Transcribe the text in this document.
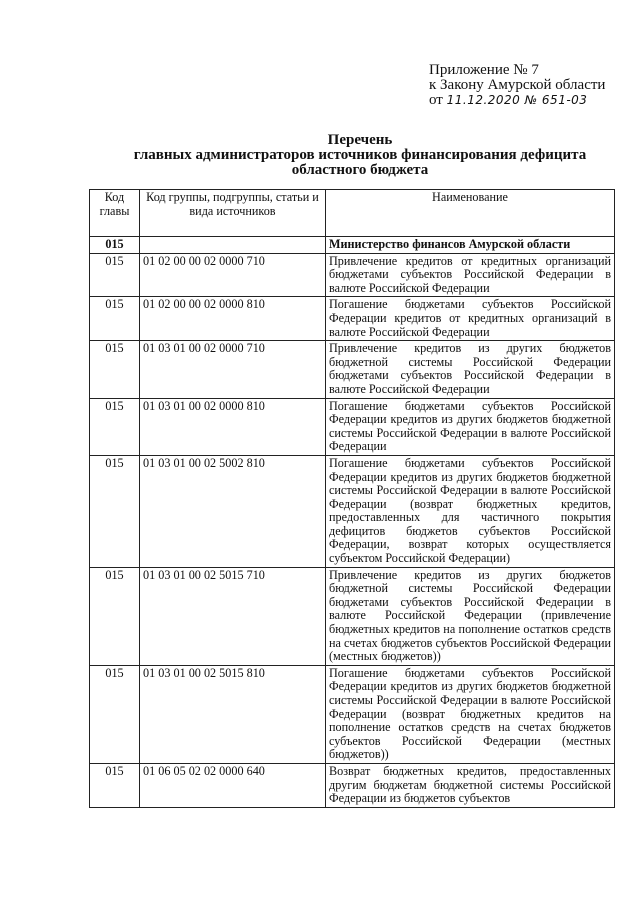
Приложение № 7
к Закону Амурской области
от 11.12.2020 № 651-03
Перечень
главных администраторов источников финансирования дефицита
областного бюджета
Код главы	Код группы, подгруппы, статьи и вида источников	Наименование
015		Министерство финансов Амурской области
015	01 02 00 00 02 0000 710	Привлечение кредитов от кредитных организаций бюджетами субъектов Российской Федерации в валюте Российской Федерации
015	01 02 00 00 02 0000 810	Погашение бюджетами субъектов Российской Федерации кредитов от кредитных организаций в валюте Российской Федерации
015	01 03 01 00 02 0000 710	Привлечение кредитов из других бюджетов бюджетной системы Российской Федерации бюджетами субъектов Российской Федерации в валюте Российской Федерации
015	01 03 01 00 02 0000 810	Погашение бюджетами субъектов Российской Федерации кредитов из других бюджетов бюджетной системы Российской Федерации в валюте Российской Федерации
015	01 03 01 00 02 5002 810	Погашение бюджетами субъектов Российской Федерации кредитов из других бюджетов бюджетной системы Российской Федерации в валюте Российской Федерации (возврат бюджетных кредитов, предоставленных для частичного покрытия дефицитов бюджетов субъектов Российской Федерации, возврат которых осуществляется субъектом Российской Федерации)
015	01 03 01 00 02 5015 710	Привлечение кредитов из других бюджетов бюджетной системы Российской Федерации бюджетами субъектов Российской Федерации в валюте Российской Федерации (привлечение бюджетных кредитов на пополнение остатков средств на счетах бюджетов субъектов Российской Федерации (местных бюджетов))
015	01 03 01 00 02 5015 810	Погашение бюджетами субъектов Российской Федерации кредитов из других бюджетов бюджетной системы Российской Федерации в валюте Российской Федерации (возврат бюджетных кредитов на пополнение остатков средств на счетах бюджетов субъектов Российской Федерации (местных бюджетов))
015	01 06 05 02 02 0000 640	Возврат бюджетных кредитов, предоставленных другим бюджетам бюджетной системы Российской Федерации из бюджетов субъектов
